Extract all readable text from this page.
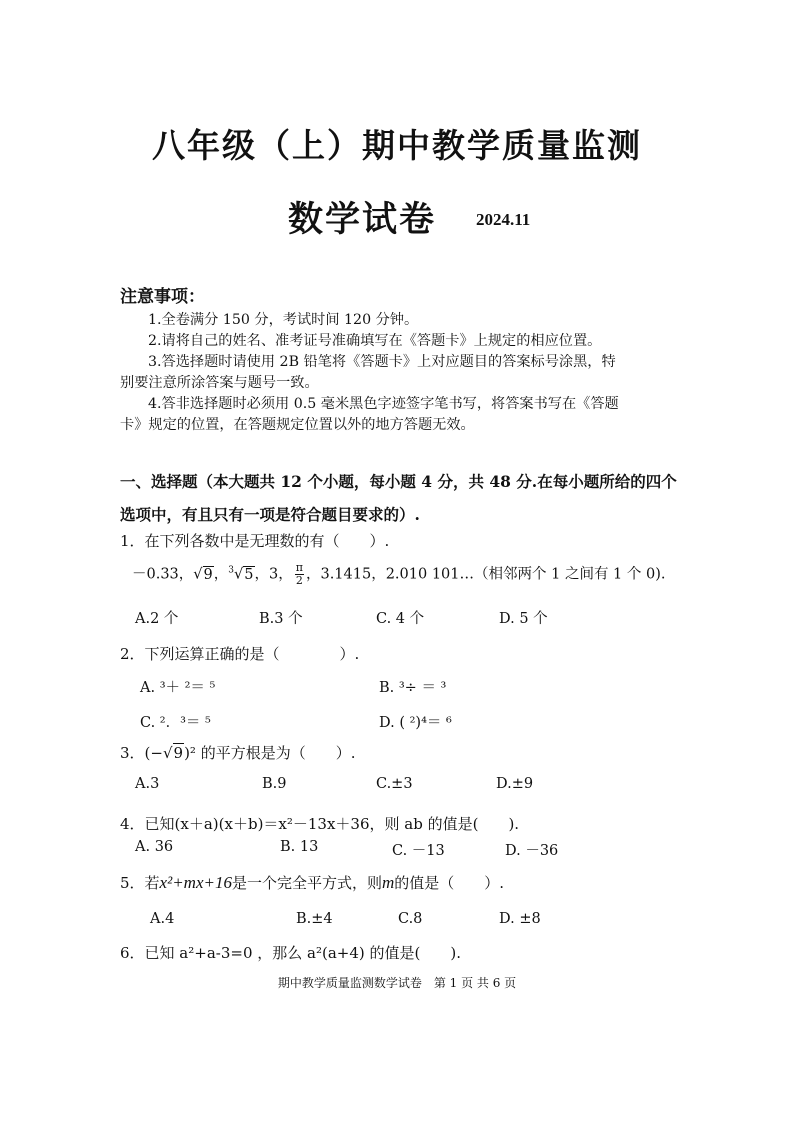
八年级（上）期中教学质量监测
数学试卷 2024.11
注意事项：
1.全卷满分 150 分，考试时间 120 分钟。
2.请将自己的姓名、准考证号准确填写在《答题卡》上规定的相应位置。
3.答选择题时请使用 2B 铅笔将《答题卡》上对应题目的答案标号涂黑，特
别要注意所涂答案与题号一致。
4.答非选择题时必须用 0.5 毫米黑色字迹签字笔书写，将答案书写在《答题
卡》规定的位置，在答题规定位置以外的地方答题无效。
一、选择题（本大题共 12 个小题，每小题 4 分，共 48 分.在每小题所给的四个
选项中，有且只有一项是符合题目要求的）.
1．在下列各数中是无理数的有（　　）.
－0.33，√9，$^3$√5，3， $\frac{\pi}{2}$ ，3.1415，2.010 101…（相邻两个 1 之间有 1 个 0).
A.2 个	B.3 个	C. 4 个	D. 5 个
2．下列运算正确的是（　　　　）.
A. ³＋ ²＝ ⁵	B. ³÷ ＝ ³
C. ²．³＝ ⁵	D. ( ²)⁴＝ ⁶
3．(−√9)² 的平方根是为（　　）.
A.3	B.9	C.±3	D.±9
4．已知(x＋a)(x＋b)＝x²－13x＋36，则 ab 的值是(　　).
A. 36	B. 13	C. －13	D. －36
5．若x²+mx+16是一个完全平方式，则m的值是（　　）.
A.4	B.±4	C.8	D. ±8
6．已知 a²+a-3=0 ，那么 a²(a+4) 的值是(　　).
期中教学质量监测数学试卷　第 1 页 共 6 页
